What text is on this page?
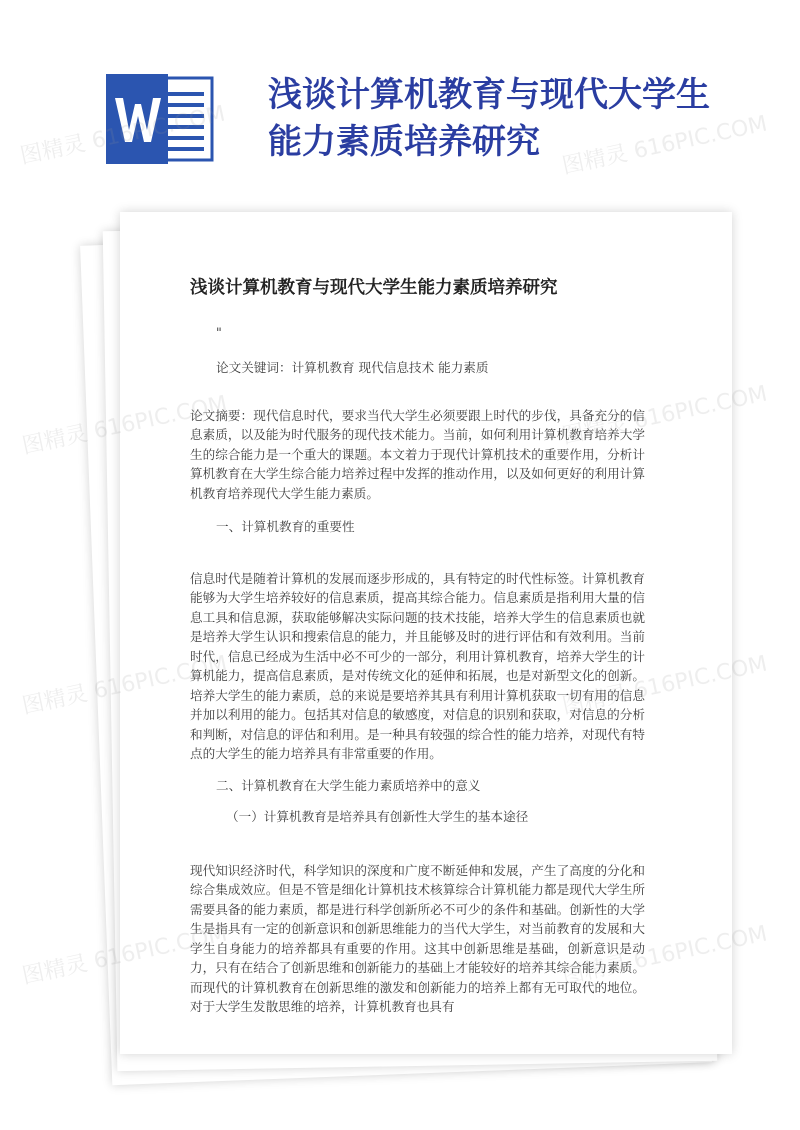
浅谈计算机教育与现代大学生
能力素质培养研究
浅谈计算机教育与现代大学生能力素质培养研究

"

论文关键词：计算机教育 现代信息技术 能力素质

论文摘要：现代信息时代，要求当代大学生必须要跟上时代的步伐，具备充分的信息素质，以及能为时代服务的现代技术能力。当前，如何利用计算机教育培养大学生的综合能力是一个重大的课题。本文着力于现代计算机技术的重要作用，分析计算机教育在大学生综合能力培养过程中发挥的推动作用，以及如何更好的利用计算机教育培养现代大学生能力素质。

一、计算机教育的重要性

信息时代是随着计算机的发展而逐步形成的，具有特定的时代性标签。计算机教育能够为大学生培养较好的信息素质，提高其综合能力。信息素质是指利用大量的信息工具和信息源，获取能够解决实际问题的技术技能，培养大学生的信息素质也就是培养大学生认识和搜索信息的能力，并且能够及时的进行评估和有效利用。当前时代，信息已经成为生活中必不可少的一部分，利用计算机教育，培养大学生的计算机能力，提高信息素质，是对传统文化的延伸和拓展，也是对新型文化的创新。培养大学生的能力素质，总的来说是要培养其具有利用计算机获取一切有用的信息并加以利用的能力。包括其对信息的敏感度，对信息的识别和获取，对信息的分析和判断，对信息的评估和利用。是一种具有较强的综合性的能力培养，对现代有特点的大学生的能力培养具有非常重要的作用。

二、计算机教育在大学生能力素质培养中的意义

（一）计算机教育是培养具有创新性大学生的基本途径

现代知识经济时代，科学知识的深度和广度不断延伸和发展，产生了高度的分化和综合集成效应。但是不管是细化计算机技术核算综合计算机能力都是现代大学生所需要具备的能力素质，都是进行科学创新所必不可少的条件和基础。创新性的大学生是指具有一定的创新意识和创新思维能力的当代大学生，对当前教育的发展和大学生自身能力的培养都具有重要的作用。这其中创新思维是基础，创新意识是动力，只有在结合了创新思维和创新能力的基础上才能较好的培养其综合能力素质。而现代的计算机教育在创新思维的激发和创新能力的培养上都有无可取代的地位。对于大学生发散思维的培养，计算机教育也具有

图精灵	图精灵 616PIC.COM
图精灵
图精灵
图精灵
